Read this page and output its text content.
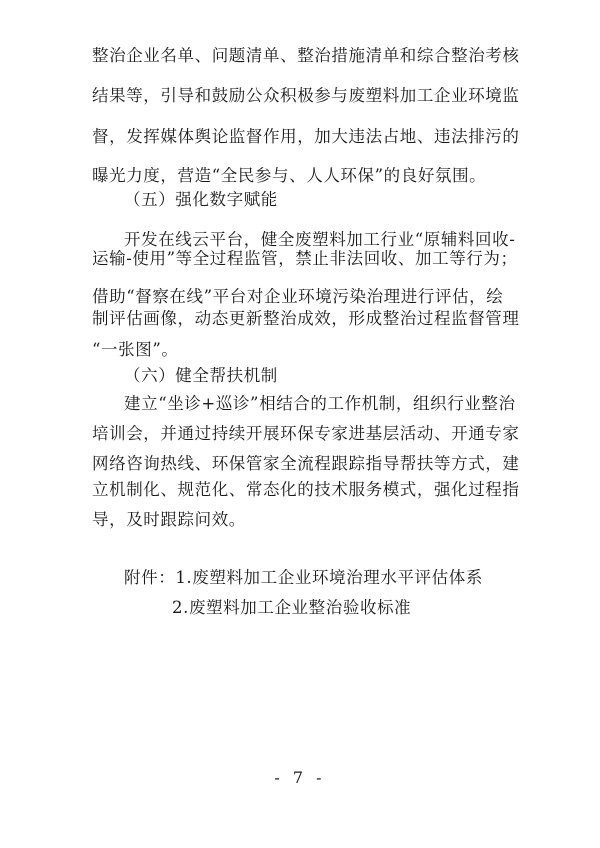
整治企业名单、问题清单、整治措施清单和综合整治考核
结果等，引导和鼓励公众积极参与废塑料加工企业环境监
督，发挥媒体舆论监督作用，加大违法占地、违法排污的
曝光力度，营造“全民参与、人人环保”的良好氛围。
（五）强化数字赋能
开发在线云平台，健全废塑料加工行业“原辅料回收-
运输-使用”等全过程监管，禁止非法回收、加工等行为；
借助“督察在线”平台对企业环境污染治理进行评估，绘
制评估画像，动态更新整治成效，形成整治过程监督管理
“一张图”。
（六）健全帮扶机制
建立“坐诊+巡诊”相结合的工作机制，组织行业整治
培训会，并通过持续开展环保专家进基层活动、开通专家
网络咨询热线、环保管家全流程跟踪指导帮扶等方式，建
立机制化、规范化、常态化的技术服务模式，强化过程指
导，及时跟踪问效。
附件：1.废塑料加工企业环境治理水平评估体系
2.废塑料加工企业整治验收标准
- 7 -
